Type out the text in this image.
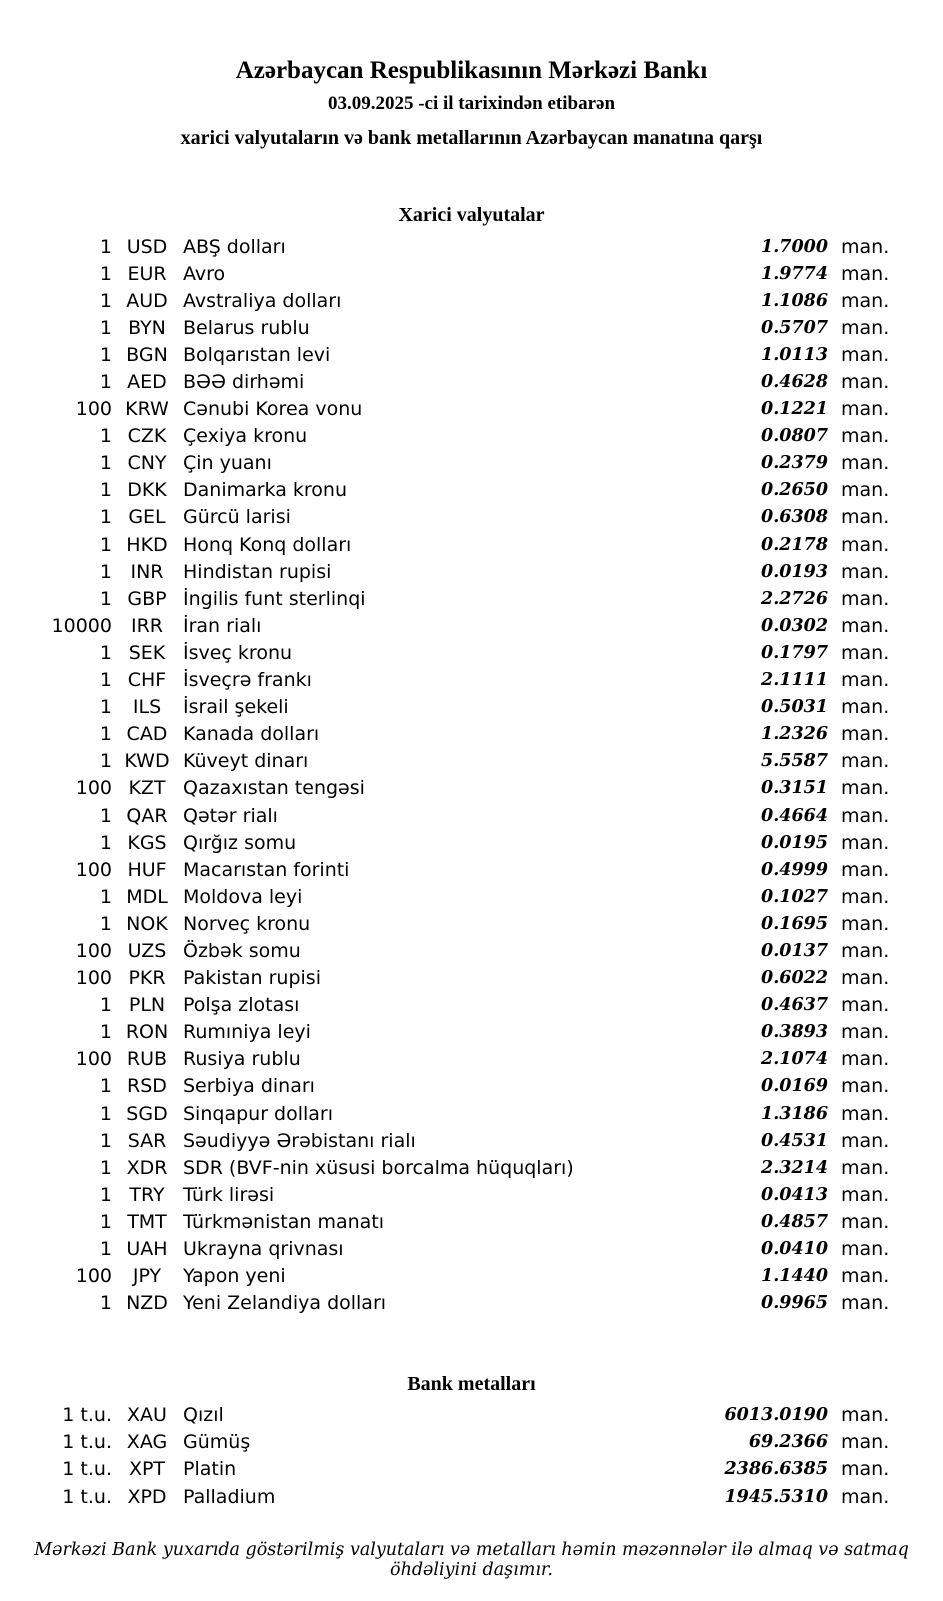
Azərbaycan Respublikasının Mərkəzi Bankı
03.09.2025 -ci il tarixindən etibarən
xarici valyutaların və bank metallarının Azərbaycan manatına qarşı
Xarici valyutalar
1 USD ABŞ dolları	1.7000 man.
1 EUR Avro	1.9774 man.
1 AUD Avstraliya dolları	1.1086 man.
1 BYN Belarus rublu	0.5707 man.
1 BGN Bolqarıstan levi	1.0113 man.
1 AED BƏƏ dirhəmi	0.4628 man.
100 KRW Cənubi Korea vonu	0.1221 man.
1 CZK Çexiya kronu	0.0807 man.
1 CNY Çin yuanı	0.2379 man.
1 DKK Danimarka kronu	0.2650 man.
1 GEL Gürcü larisi	0.6308 man.
1 HKD Honq Konq dolları	0.2178 man.
1 INR	Hindistan rupisi	0.0193 man.
1 GBP İngilis funt sterlinqi	2.2726 man.
10000 IRR	İran rialı	0.0302 man.
1 SEK İsveç kronu	0.1797 man.
1 CHF İsveçrə frankı	2.1111 man.
1	ILS	İsrail şekeli	0.5031 man.
1 CAD Kanada dolları	1.2326 man.
1 KWD Küveyt dinarı	5.5587 man.
100 KZT Qazaxıstan tengəsi	0.3151 man.
1 QAR Qətər rialı	0.4664 man.
1 KGS Qırğız somu	0.0195 man.
100 HUF Macarıstan forinti	0.4999 man.
1 MDL Moldova leyi	0.1027 man.
1 NOK Norveç kronu	0.1695 man.
100 UZS Özbək somu	0.0137 man.
100 PKR Pakistan rupisi	0.6022 man.
1 PLN Polşa zlotası	0.4637 man.
1 RON Rumıniya leyi	0.3893 man.
100 RUB Rusiya rublu	2.1074 man.
1 RSD Serbiya dinarı	0.0169 man.
1 SGD Sinqapur dolları	1.3186 man.
1 SAR Səudiyyə Ərəbistanı rialı	0.4531 man.
1 XDR SDR (BVF-nin xüsusi borcalma hüquqları)	2.3214 man.
1 TRY Türk lirəsi	0.0413 man.
1 TMT Türkmənistan manatı	0.4857 man.
1 UAH Ukrayna qrivnası	0.0410 man.
100	JPY	Yapon yeni	1.1440 man.
1 NZD Yeni Zelandiya dolları	0.9965 man.
Bank metalları
1 t.u. XAU Qızıl	6013.0190 man.
1 t.u. XAG Gümüş	69.2366 man.
1 t.u. XPT Platin	2386.6385 man.
1 t.u. XPD Palladium	1945.5310 man.
Mərkəzi Bank yuxarıda göstərilmiş valyutaları və metalları həmin məzənnələr ilə almaq və satmaq öhdəliyini daşımır.
